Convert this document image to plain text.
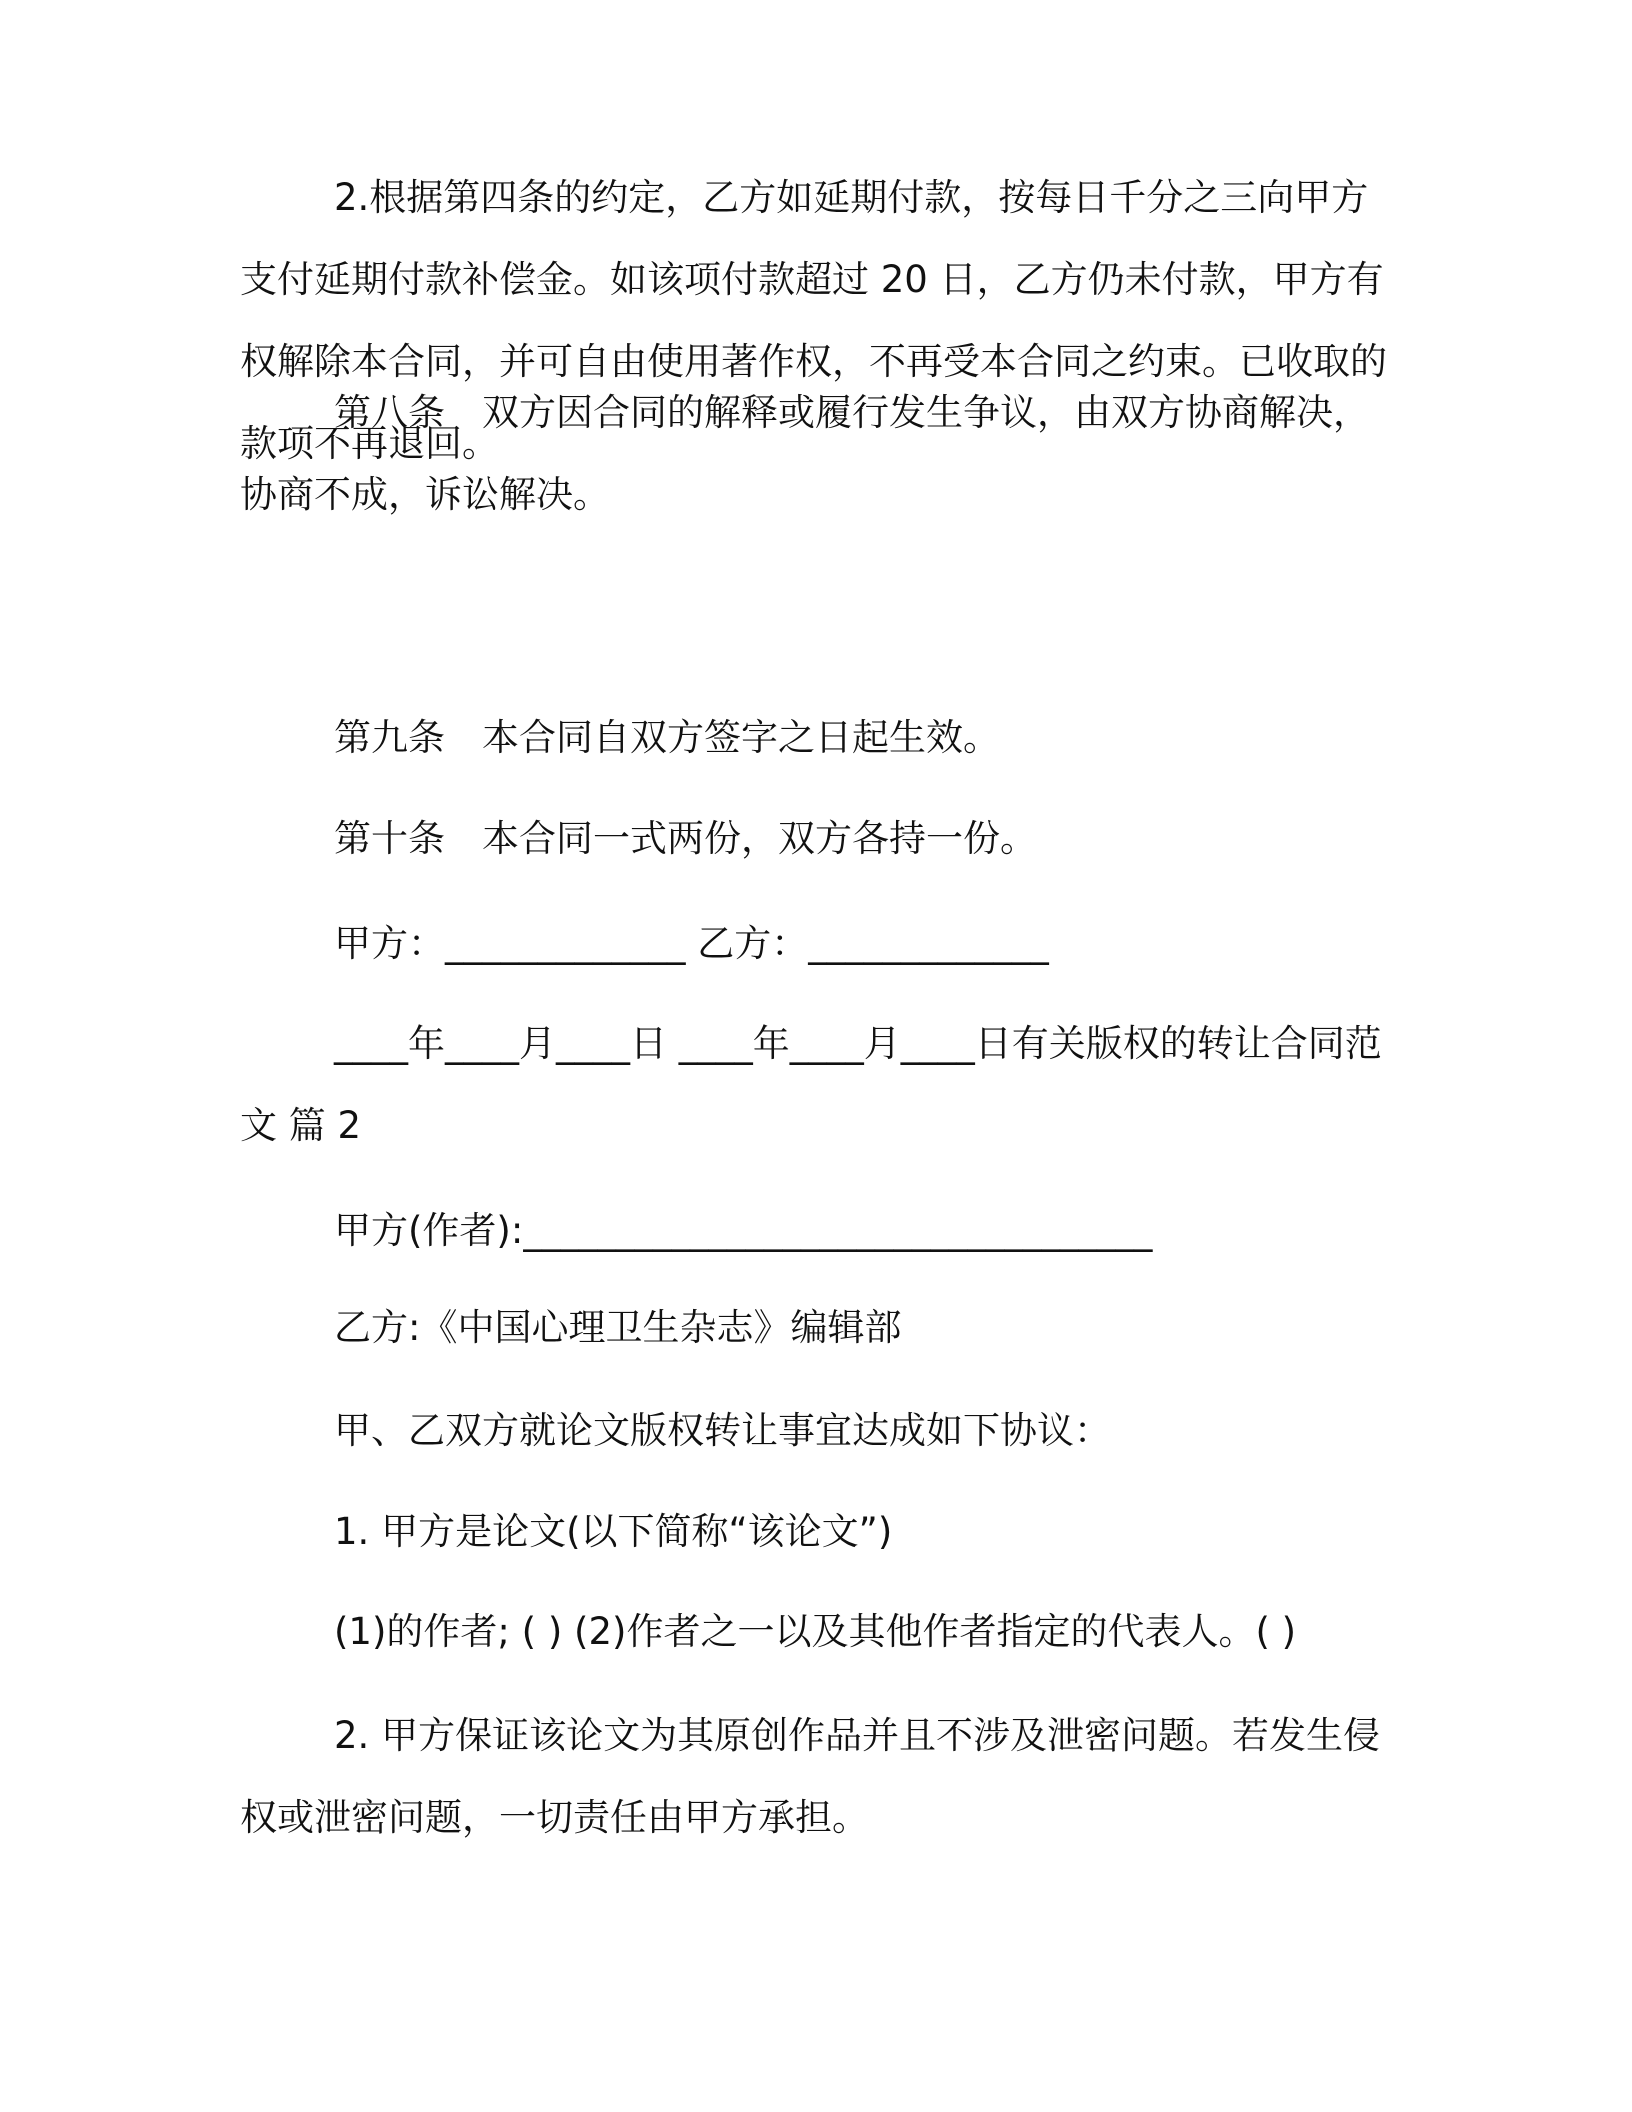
2.根据第四条的约定，乙方如延期付款，按每日千分之三向甲方支付延期付款补偿金。如该项付款超过 20 日，乙方仍未付款，甲方有权解除本合同，并可自由使用著作权，不再受本合同之约束。已收取的款项不再退回。

第八条　双方因合同的解释或履行发生争议，由双方协商解决，协商不成，诉讼解决。

第九条　本合同自双方签字之日起生效。

第十条　本合同一式两份，双方各持一份。

甲方：_____________ 乙方：_____________

____年____月____日 ____年____月____日有关版权的转让合同范文 篇 2

甲方(作者):__________________________________

乙方:《中国心理卫生杂志》编辑部

甲、乙双方就论文版权转让事宜达成如下协议：

1. 甲方是论文(以下简称“该论文”)

(1)的作者; ( ) (2)作者之一以及其他作者指定的代表人。( )

2. 甲方保证该论文为其原创作品并且不涉及泄密问题。若发生侵权或泄密问题，一切责任由甲方承担。
